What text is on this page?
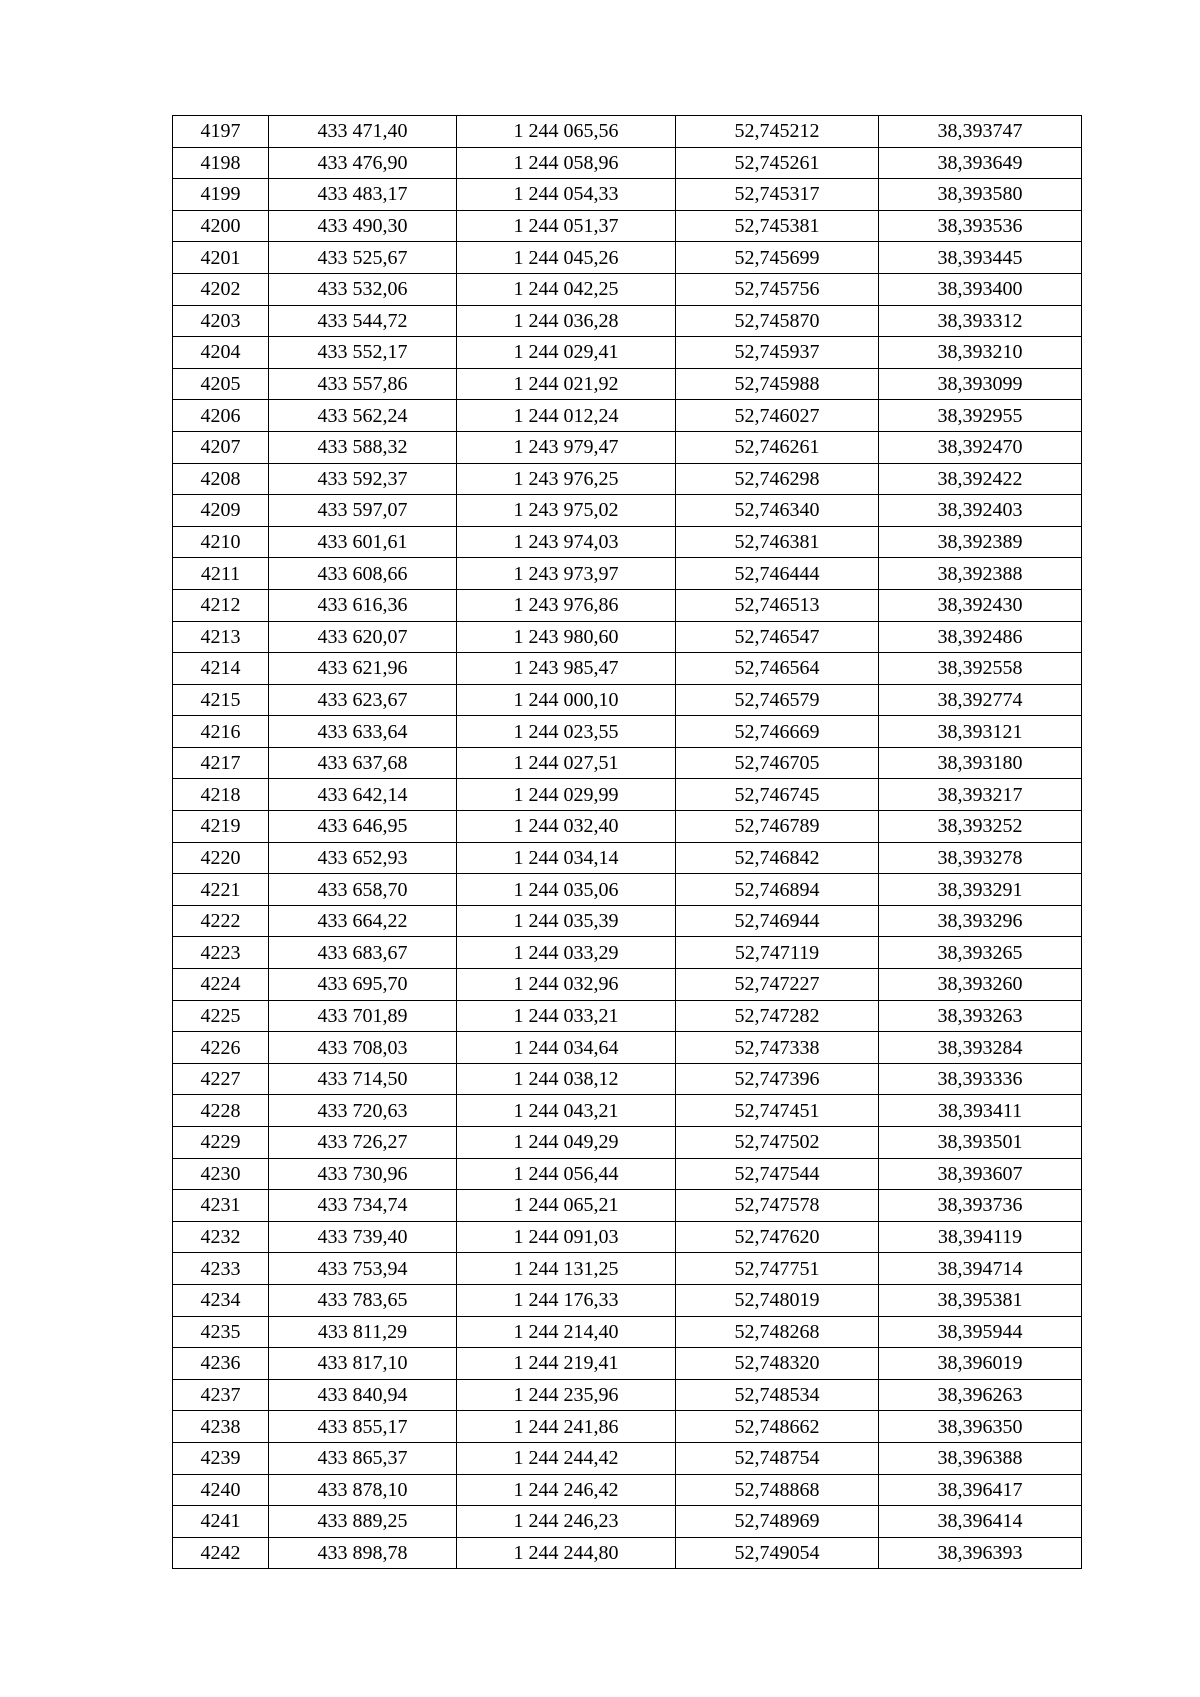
4197	433 471,40	1 244 065,56	52,745212	38,393747
4198	433 476,90	1 244 058,96	52,745261	38,393649
4199	433 483,17	1 244 054,33	52,745317	38,393580
4200	433 490,30	1 244 051,37	52,745381	38,393536
4201	433 525,67	1 244 045,26	52,745699	38,393445
4202	433 532,06	1 244 042,25	52,745756	38,393400
4203	433 544,72	1 244 036,28	52,745870	38,393312
4204	433 552,17	1 244 029,41	52,745937	38,393210
4205	433 557,86	1 244 021,92	52,745988	38,393099
4206	433 562,24	1 244 012,24	52,746027	38,392955
4207	433 588,32	1 243 979,47	52,746261	38,392470
4208	433 592,37	1 243 976,25	52,746298	38,392422
4209	433 597,07	1 243 975,02	52,746340	38,392403
4210	433 601,61	1 243 974,03	52,746381	38,392389
4211	433 608,66	1 243 973,97	52,746444	38,392388
4212	433 616,36	1 243 976,86	52,746513	38,392430
4213	433 620,07	1 243 980,60	52,746547	38,392486
4214	433 621,96	1 243 985,47	52,746564	38,392558
4215	433 623,67	1 244 000,10	52,746579	38,392774
4216	433 633,64	1 244 023,55	52,746669	38,393121
4217	433 637,68	1 244 027,51	52,746705	38,393180
4218	433 642,14	1 244 029,99	52,746745	38,393217
4219	433 646,95	1 244 032,40	52,746789	38,393252
4220	433 652,93	1 244 034,14	52,746842	38,393278
4221	433 658,70	1 244 035,06	52,746894	38,393291
4222	433 664,22	1 244 035,39	52,746944	38,393296
4223	433 683,67	1 244 033,29	52,747119	38,393265
4224	433 695,70	1 244 032,96	52,747227	38,393260
4225	433 701,89	1 244 033,21	52,747282	38,393263
4226	433 708,03	1 244 034,64	52,747338	38,393284
4227	433 714,50	1 244 038,12	52,747396	38,393336
4228	433 720,63	1 244 043,21	52,747451	38,393411
4229	433 726,27	1 244 049,29	52,747502	38,393501
4230	433 730,96	1 244 056,44	52,747544	38,393607
4231	433 734,74	1 244 065,21	52,747578	38,393736
4232	433 739,40	1 244 091,03	52,747620	38,394119
4233	433 753,94	1 244 131,25	52,747751	38,394714
4234	433 783,65	1 244 176,33	52,748019	38,395381
4235	433 811,29	1 244 214,40	52,748268	38,395944
4236	433 817,10	1 244 219,41	52,748320	38,396019
4237	433 840,94	1 244 235,96	52,748534	38,396263
4238	433 855,17	1 244 241,86	52,748662	38,396350
4239	433 865,37	1 244 244,42	52,748754	38,396388
4240	433 878,10	1 244 246,42	52,748868	38,396417
4241	433 889,25	1 244 246,23	52,748969	38,396414
4242	433 898,78	1 244 244,80	52,749054	38,396393
